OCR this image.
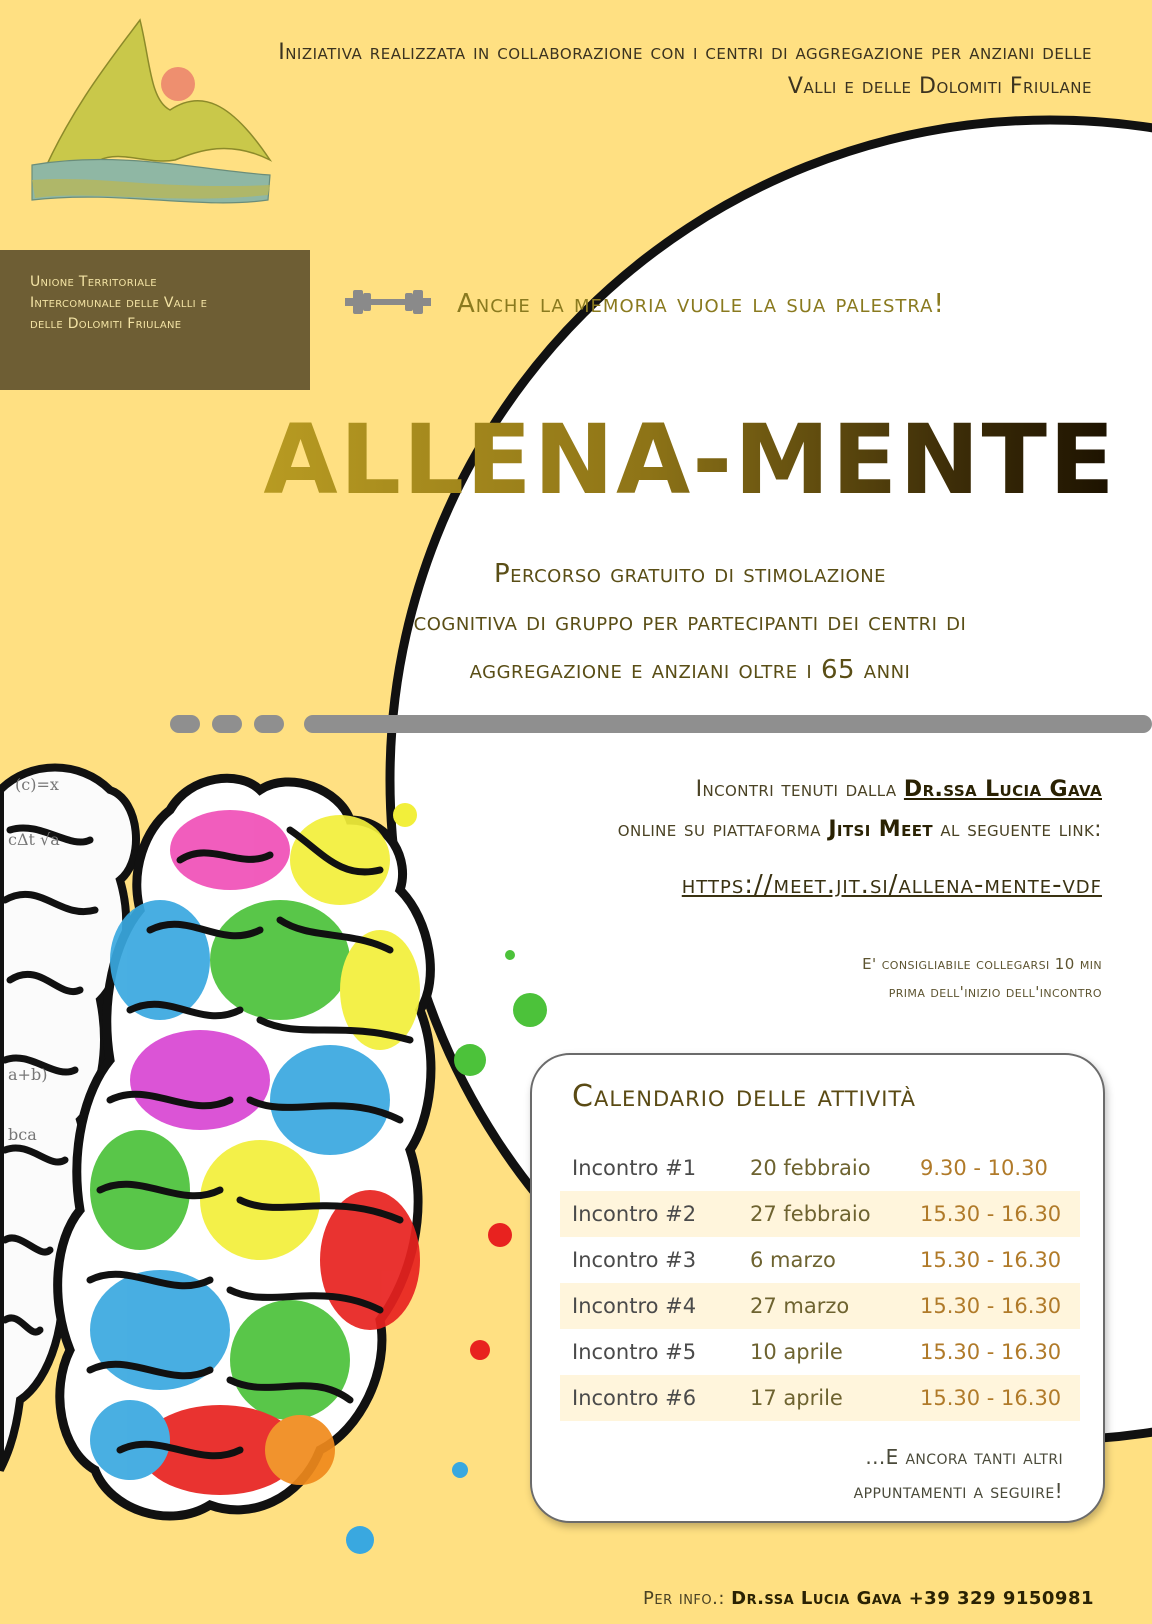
(c)=x
cΔt √a
a+b)
bca
Iniziativa realizzata in collaborazione con i centri di aggregazione per anziani delle Valli e delle Dolomiti Friulane
Unione Territoriale Intercomunale delle Valli e delle Dolomiti Friulane
Anche la memoria vuole la sua palestra!
ALLENA-MENTE
Percorso gratuito di stimolazione
cognitiva di gruppo per partecipanti dei centri di
aggregazione e anziani oltre i 65 anni
Incontri tenuti dalla Dr.ssa Lucia Gava
online su piattaforma Jitsi Meet al seguente link:
https://meet.jit.si/allena-mente-vdf
E' consigliabile collegarsi 10 min
prima dell'inizio dell'incontro
Calendario delle attività
Incontro #1	20 febbraio	9.30 - 10.30
Incontro #2	27 febbraio	15.30 - 16.30
Incontro #3	6 marzo	15.30 - 16.30
Incontro #4	27 marzo	15.30 - 16.30
Incontro #5	10 aprile	15.30 - 16.30
Incontro #6	17 aprile	15.30 - 16.30
...E ancora tanti altri
appuntamenti a seguire!
Per info.: Dr.ssa Lucia Gava +39 329 9150981
